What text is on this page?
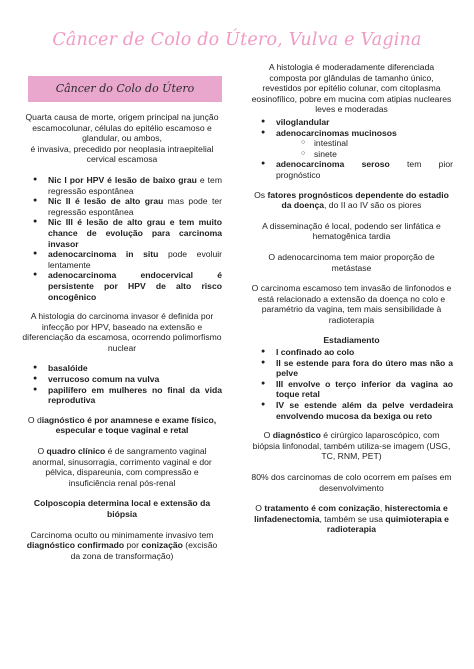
Câncer de Colo do Útero, Vulva e Vagina
Câncer do Colo do Útero

Quarta causa de morte, origem principal na junção escamocolunar, células do epitélio escamoso e glandular, ou ambos,

é invasiva, precedido por neoplasia intraepitelial cervical escamosa

● Nic I por HPV é lesão de baixo grau e tem regressão espontânea
● Nic II é lesão de alto grau mas pode ter regressão espontânea
● Nic III é lesão de alto grau e tem muito chance de evolução para carcinoma invasor
● adenocarcinoma in situ pode evoluir lentamente
● adenocarcinoma endocervical é persistente por HPV de alto risco oncogênico

A histologia do carcinoma invasor é definida por infecção por HPV, baseado na extensão e diferenciação da escamosa, ocorrendo polimorfismo nuclear

● basalóide
● verrucoso comum na vulva
● papilífero em mulheres no final da vida reprodutiva

O diagnóstico é por anamnese e exame físico, especular e toque vaginal e retal

O quadro clínico é de sangramento vaginal anormal, sinusorragia, corrimento vaginal e dor pélvica, dispareunia, com compressão e insuficiência renal pós-renal

Colposcopia determina local e extensão da biópsia

Carcinoma oculto ou minimamente invasivo tem diagnóstico confirmado por conização (excisão da zona de transformação)

A histologia é moderadamente diferenciada composta por glândulas de tamanho único, revestidos por epitélio colunar, com citoplasma eosinofílico, pobre em mucina com atipias nucleares leves e moderadas

● viloglandular
● adenocarcinomas mucinosos
○ intestinal
○ sinete
● adenocarcinoma seroso tem pior prognóstico

Os fatores prognósticos dependente do estadio da doença, do II ao IV são os piores

A disseminação é local, podendo ser linfática e hematogênica tardia

O adenocarcinoma tem maior proporção de metástase

O carcinoma escamoso tem invasão de linfonodos e está relacionado a extensão da doença no colo e paramétrio da vagina, tem mais sensibilidade à radioterapia

Estadiamento

● I confinado ao colo
● II se estende para fora do útero mas não a pelve
● III envolve o terço inferior da vagina ao toque retal
● IV se estende além da pelve verdadeira envolvendo mucosa da bexiga ou reto

O diagnóstico é cirúrgico laparoscópico, com biópsia linfonodal, também utiliza-se imagem (USG, TC, RNM, PET)

80% dos carcinomas de colo ocorrem em países em desenvolvimento

O tratamento é com conização, histerectomia e linfadenectomia, também se usa quimioterapia e radioterapia
